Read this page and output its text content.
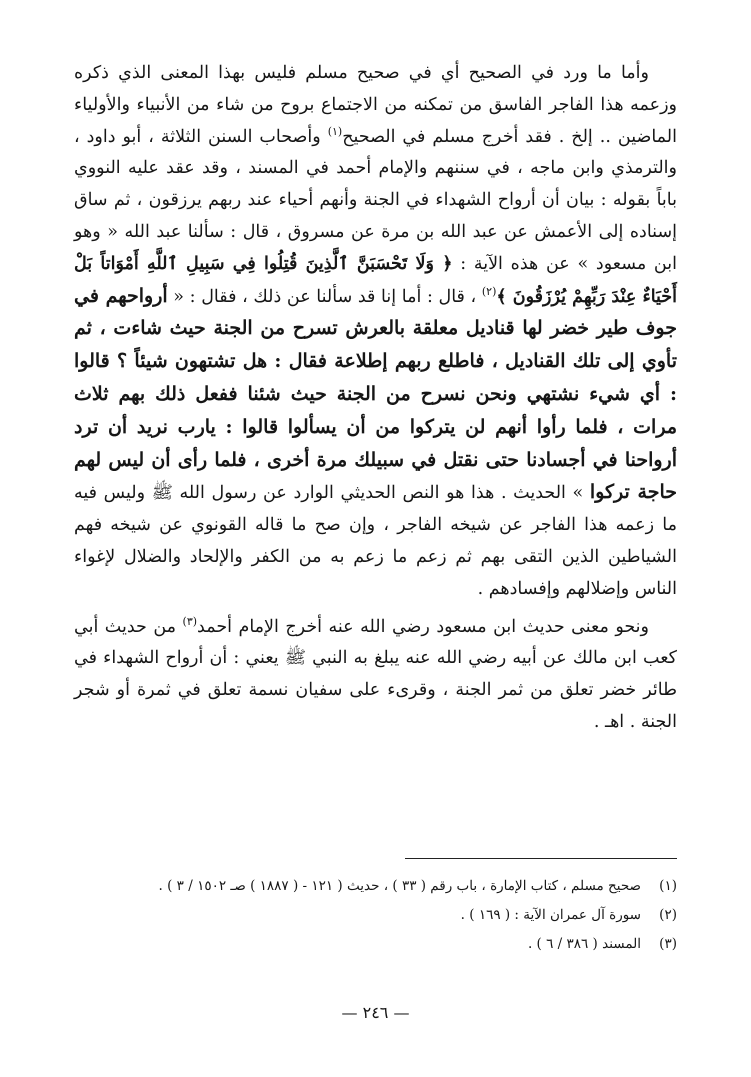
وأما ما ورد في الصحيح أي في صحيح مسلم فليس بهذا المعنى الذي ذكره وزعمه هذا الفاجر الفاسق من تمكنه من الاجتماع بروح من شاء من الأنبياء والأولياء الماضين .. إلخ . فقد أخرج مسلم في الصحيح$^{(١)}$ وأصحاب السنن الثلاثة ، أبو داود ، والترمذي وابن ماجه ، في سننهم والإمام أحمد في المسند ، وقد عقد عليه النووي باباً بقوله : بيان أن أرواح الشهداء في الجنة وأنهم أحياء عند ربهم يرزقون ، ثم ساق إسناده إلى الأعمش عن عبد الله بن مرة عن مسروق ، قال : سألنا عبد الله « وهو ابن مسعود » عن هذه الآية : ﴿ وَلَا تَحْسَبَنَّ ٱلَّذِينَ قُتِلُوا فِي سَبِيلِ ٱللَّهِ أَمْوَاتاً بَلْ أَحْيَاءٌ عِنْدَ رَبِّهِمْ يُرْزَقُونَ ﴾$^{(٢)}$ ، قال : أما إنا قد سألنا عن ذلك ، فقال : « أرواحهم في جوف طير خضر لها قناديل معلقة بالعرش تسرح من الجنة حيث شاءت ، ثم تأوي إلى تلك القناديل ، فاطلع ربهم إطلاعة فقال : هل تشتهون شيئاً ؟ قالوا : أي شيء نشتهي ونحن نسرح من الجنة حيث شئنا ففعل ذلك بهم ثلاث مرات ، فلما رأوا أنهم لن يتركوا من أن يسألوا قالوا : يارب نريد أن ترد أرواحنا في أجسادنا حتى نقتل في سبيلك مرة أخرى ، فلما رأى أن ليس لهم حاجة تركوا » الحديث . هذا هو النص الحديثي الوارد عن رسول الله ﷺ وليس فيه ما زعمه هذا الفاجر عن شيخه الفاجر ، وإن صح ما قاله القونوي عن شيخه فهم الشياطين الذين التقى بهم ثم زعم ما زعم به من الكفر والإلحاد والضلال لإغواء الناس وإضلالهم وإفسادهم .

ونحو معنى حديث ابن مسعود رضي الله عنه أخرج الإمام أحمد$^{(٣)}$ من حديث أبي كعب ابن مالك عن أبيه رضي الله عنه يبلغ به النبي ﷺ يعني : أن أرواح الشهداء في طائر خضر تعلق من ثمر الجنة ، وقرىء على سفيان نسمة تعلق في ثمرة أو شجر الجنة . اهـ .

(١)
صحيح مسلم ، كتاب الإمارة ، باب رقم ( ٣٣ ) ، حديث ( ١٢١ - ( ١٨٨٧ ) صـ ١٥٠٢ / ٣ ) .
(٢)
سورة آل عمران الآية : ( ١٦٩ ) .
(٣)
المسند ( ٣٨٦ / ٦ ) .
— ٢٤٦ —
